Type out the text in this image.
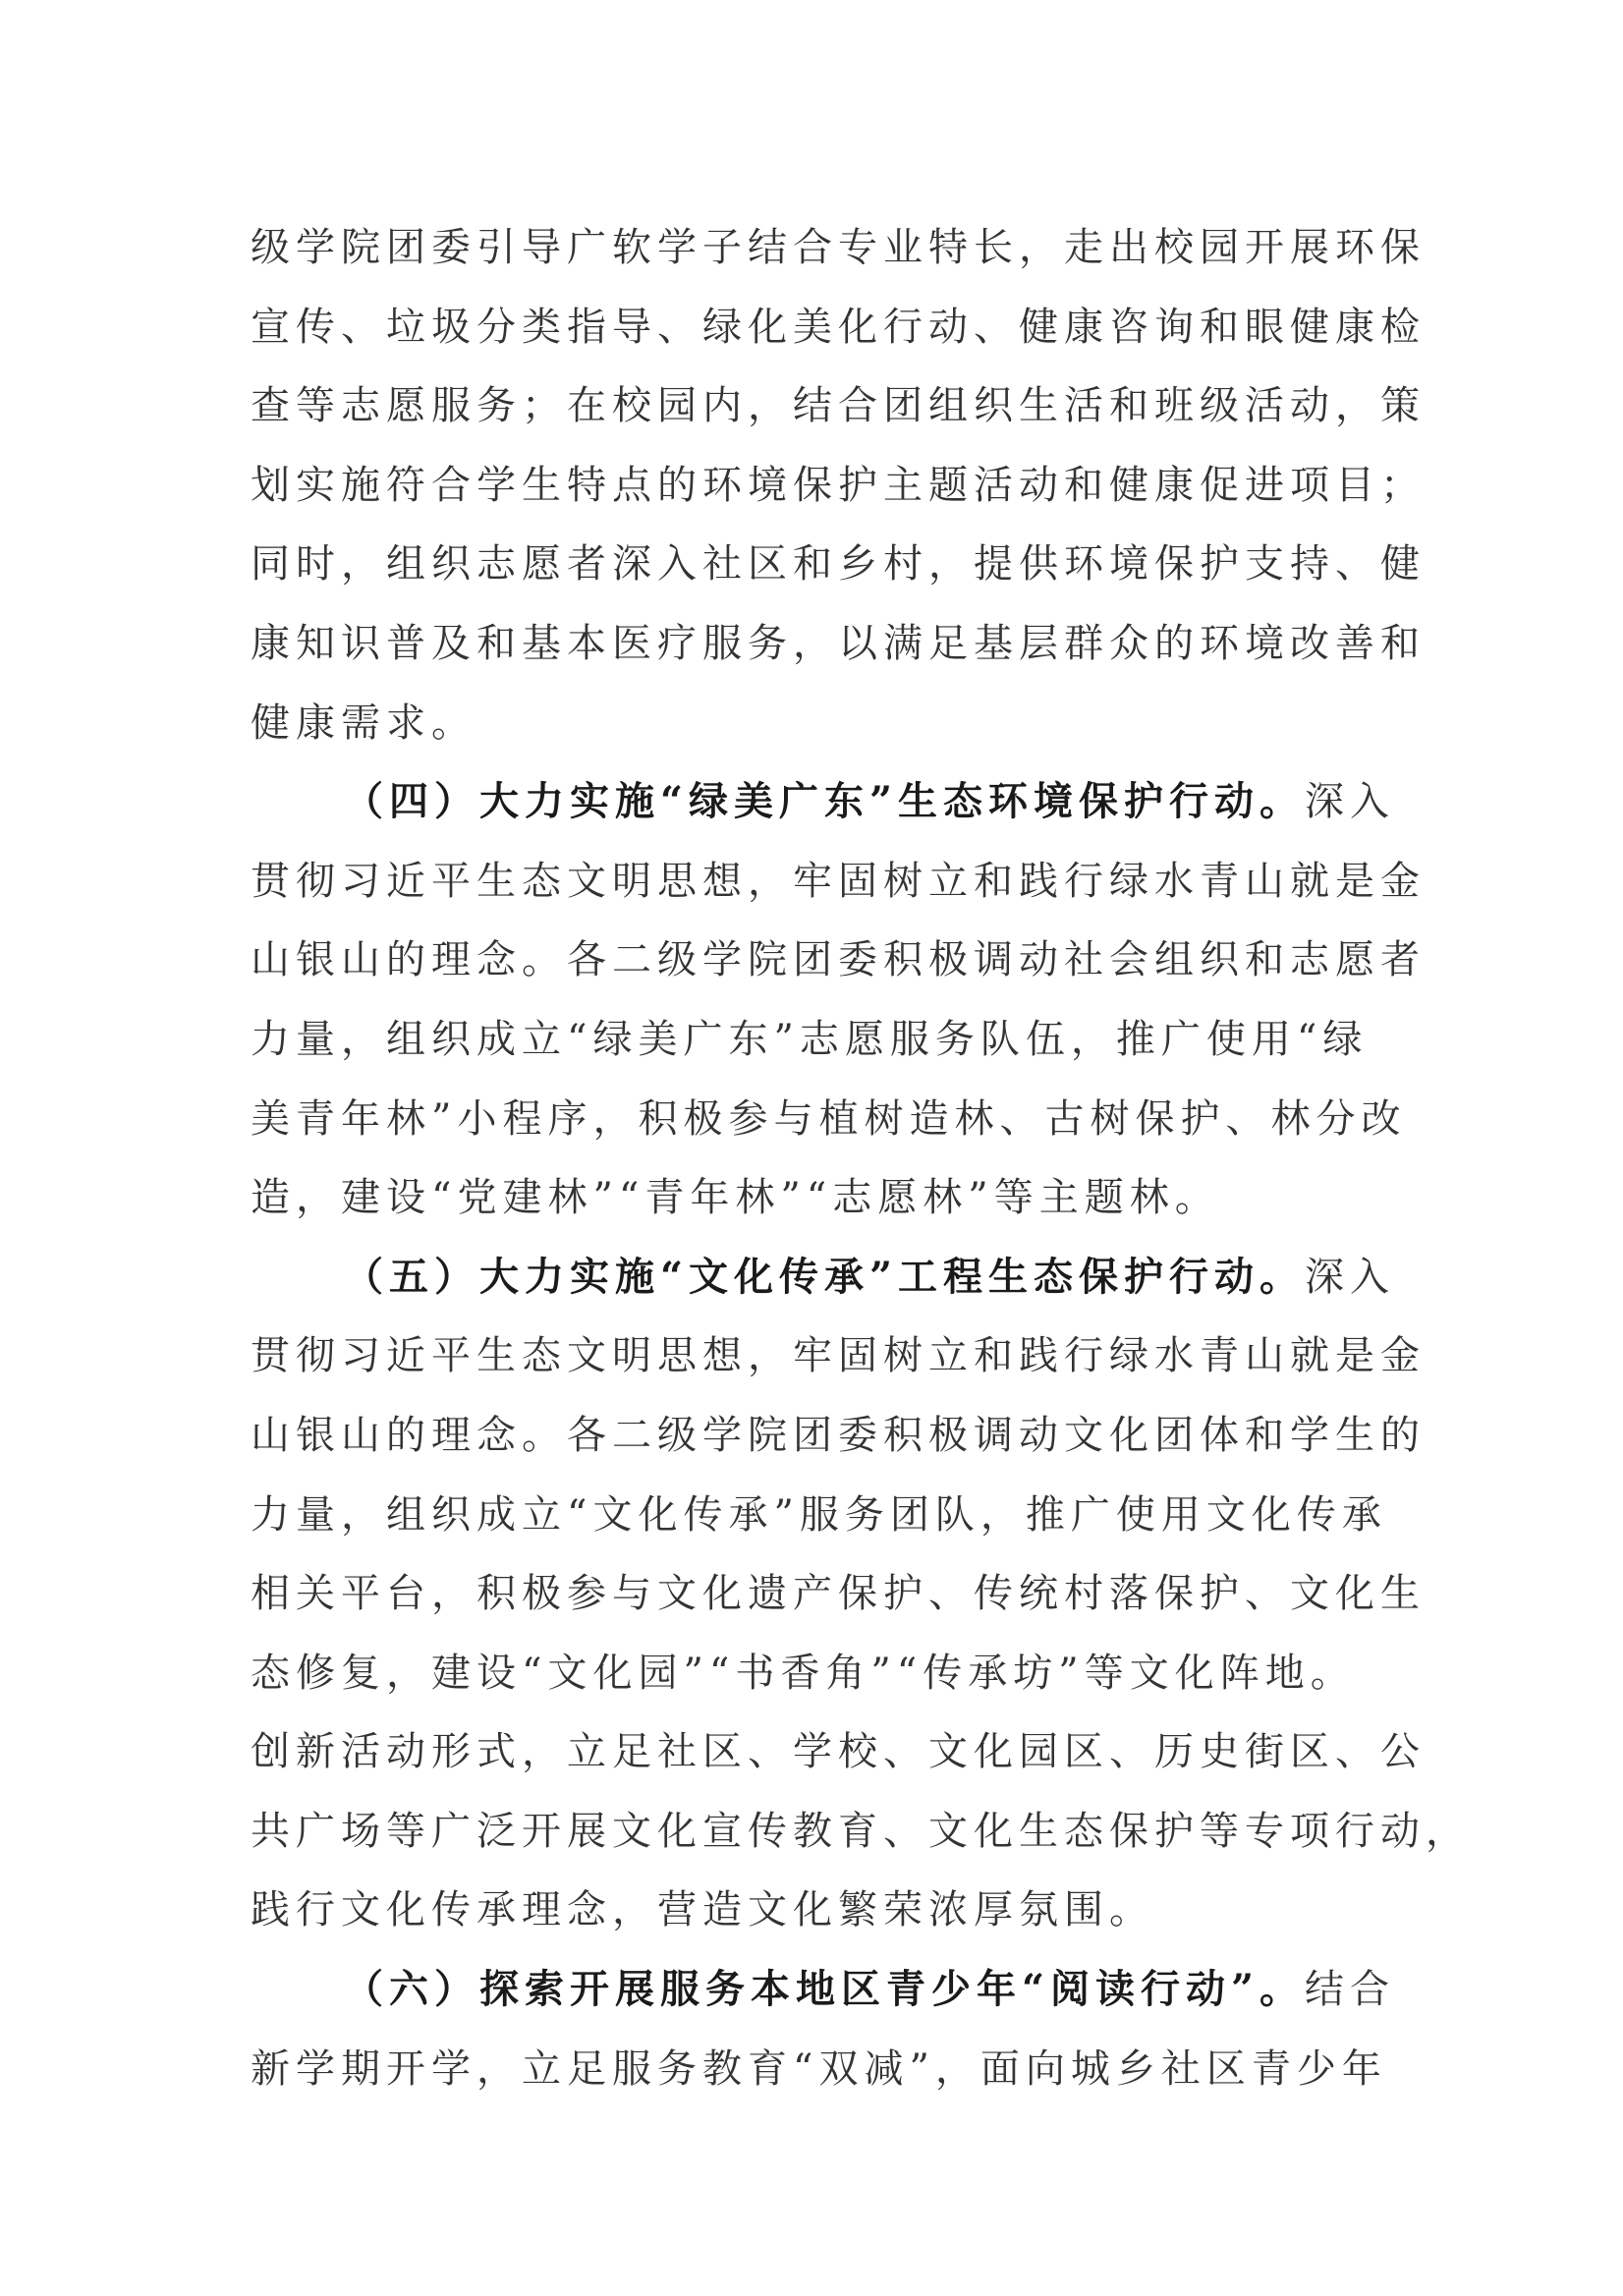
级学院团委引导广软学子结合专业特长，走出校园开展环保
宣传、垃圾分类指导、绿化美化行动、健康咨询和眼健康检
查等志愿服务；在校园内，结合团组织生活和班级活动，策
划实施符合学生特点的环境保护主题活动和健康促进项目；
同时，组织志愿者深入社区和乡村，提供环境保护支持、健
康知识普及和基本医疗服务，以满足基层群众的环境改善和
健康需求。
（四）大力实施“绿美广东”生态环境保护行动。深入
贯彻习近平生态文明思想，牢固树立和践行绿水青山就是金
山银山的理念。各二级学院团委积极调动社会组织和志愿者
力量，组织成立“绿美广东”志愿服务队伍，推广使用“绿
美青年林”小程序，积极参与植树造林、古树保护、林分改
造，建设“党建林”“青年林”“志愿林”等主题林。
（五）大力实施“文化传承”工程生态保护行动。深入
贯彻习近平生态文明思想，牢固树立和践行绿水青山就是金
山银山的理念。各二级学院团委积极调动文化团体和学生的
力量，组织成立“文化传承”服务团队，推广使用文化传承
相关平台，积极参与文化遗产保护、传统村落保护、文化生
态修复，建设“文化园”“书香角”“传承坊”等文化阵地。
创新活动形式，立足社区、学校、文化园区、历史街区、公
共广场等广泛开展文化宣传教育、文化生态保护等专项行动，
践行文化传承理念，营造文化繁荣浓厚氛围。
（六）探索开展服务本地区青少年“阅读行动”。结合
新学期开学，立足服务教育“双减”，面向城乡社区青少年
